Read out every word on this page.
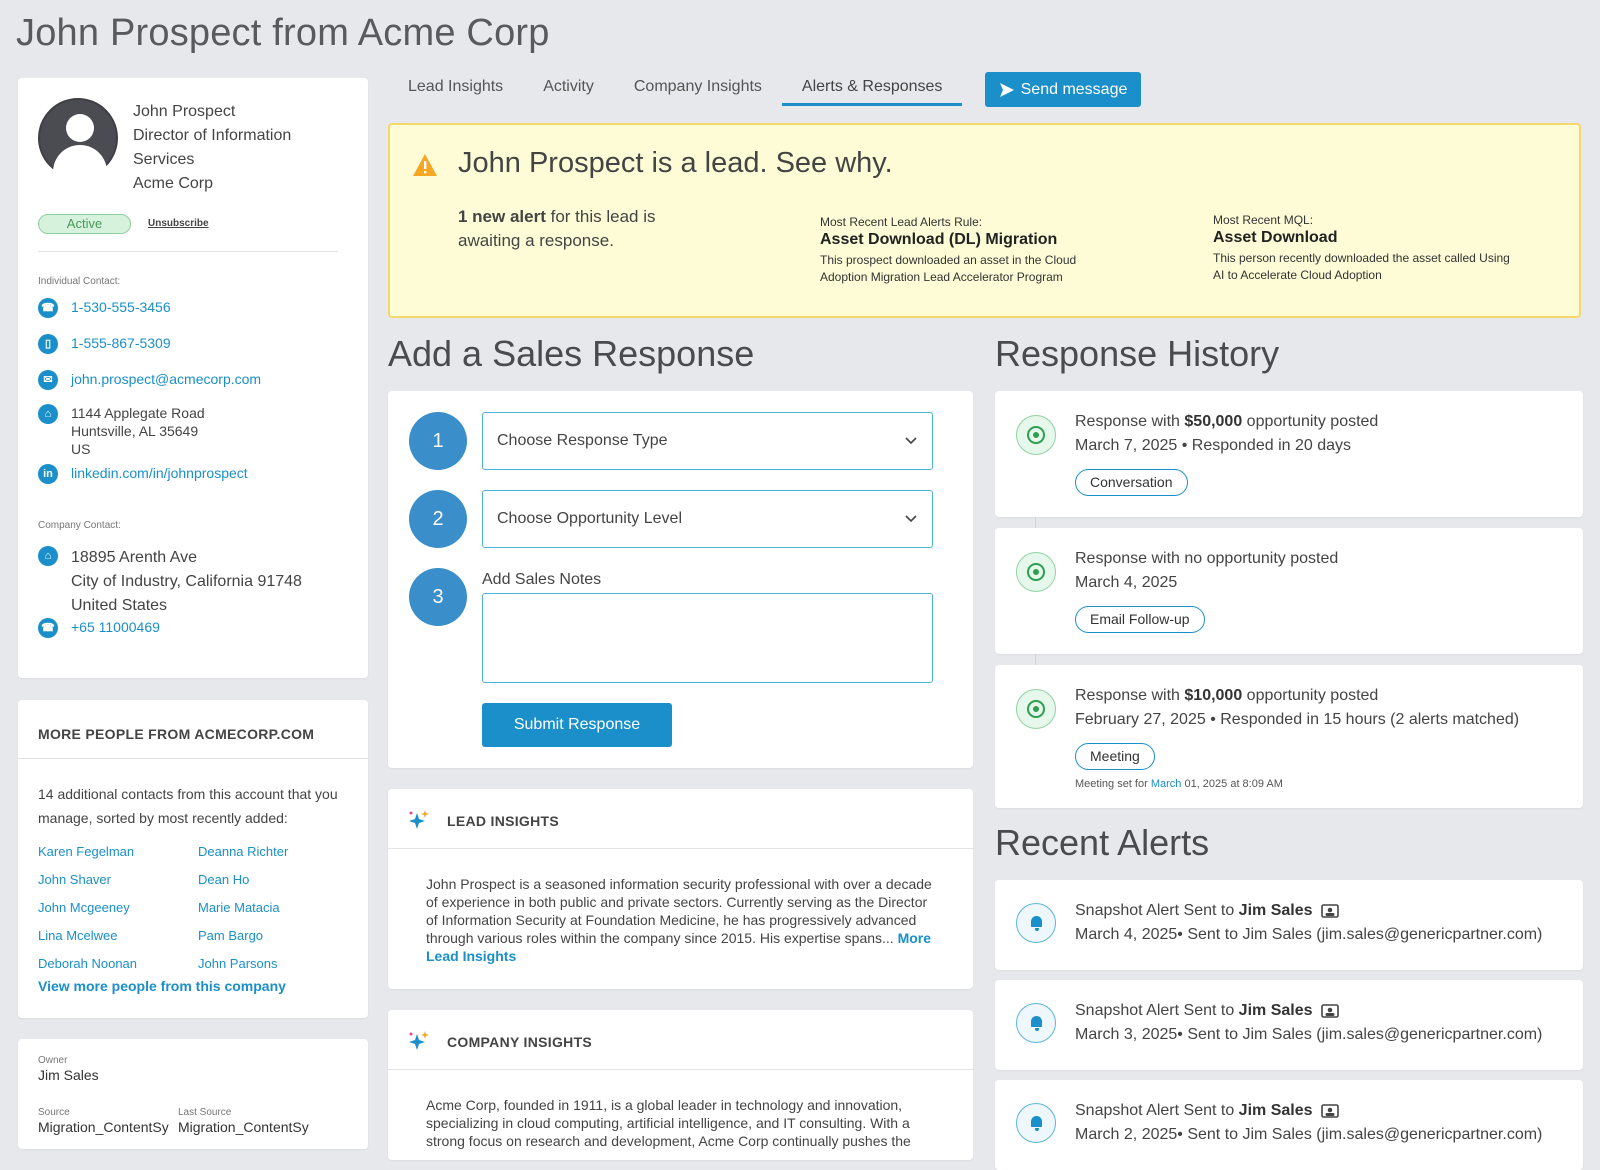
John Prospect from Acme Corp
John Prospect
Director of Information
Services
Acme Corp
Active	Unsubscribe
Individual Contact:
☎ 1-530-555-3456
▯	1-555-867-5309
✉	john.prospect@acmecorp.com
⌂	1144 Applegate Road
Huntsville, AL 35649
US
in	linkedin.com/in/johnprospect
Company Contact:
⌂	18895 Arenth Ave
City of Industry, California 91748
United States
☎ +65 11000469
MORE PEOPLE FROM ACMECORP.COM
14 additional contacts from this account that you manage, sorted by most recently added:
Karen Fegelman	Deanna Richter
John Shaver	Dean Ho
John Mcgeeney	Marie Matacia
Lina Mcelwee	Pam Bargo
Deborah Noonan	John Parsons
View more people from this company
Owner
Jim Sales
Source
Migration_ContentSy
Last Source
Migration_ContentSy
Lead Insights	Activity	Company Insights	Alerts & Responses	Send message
John Prospect is a lead. See why.
1 new alert for this lead is awaiting a response.
Most Recent Lead Alerts Rule:
Asset Download (DL) Migration
This prospect downloaded an asset in the Cloud Adoption Migration Lead Accelerator Program
Most Recent MQL:
Asset Download
This person recently downloaded the asset called Using AI to Accelerate Cloud Adoption
Add a Sales Response
1	Choose Response Type
2	Choose Opportunity Level
3
Add Sales Notes
Submit Response
LEAD INSIGHTS
John Prospect is a seasoned information security professional with over a decade of experience in both public and private sectors. Currently serving as the Director of Information Security at Foundation Medicine, he has progressively advanced through various roles within the company since 2015. His expertise spans... More Lead Insights
COMPANY INSIGHTS
Acme Corp, founded in 1911, is a global leader in technology and innovation, specializing in cloud computing, artificial intelligence, and IT consulting. With a strong focus on research and development, Acme Corp continually pushes the
Response History
Response with $50,000 opportunity posted
March 7, 2025 • Responded in 20 days
Conversation
Response with no opportunity posted
March 4, 2025
Email Follow-up
Response with $10,000 opportunity posted
February 27, 2025 • Responded in 15 hours (2 alerts matched)
Meeting
Meeting set for March 01, 2025 at 8:09 AM
Recent Alerts
Snapshot Alert Sent to Jim Sales
March 4, 2025• Sent to Jim Sales (jim.sales@genericpartner.com)
Snapshot Alert Sent to Jim Sales
March 3, 2025• Sent to Jim Sales (jim.sales@genericpartner.com)
Snapshot Alert Sent to Jim Sales
March 2, 2025• Sent to Jim Sales (jim.sales@genericpartner.com)
